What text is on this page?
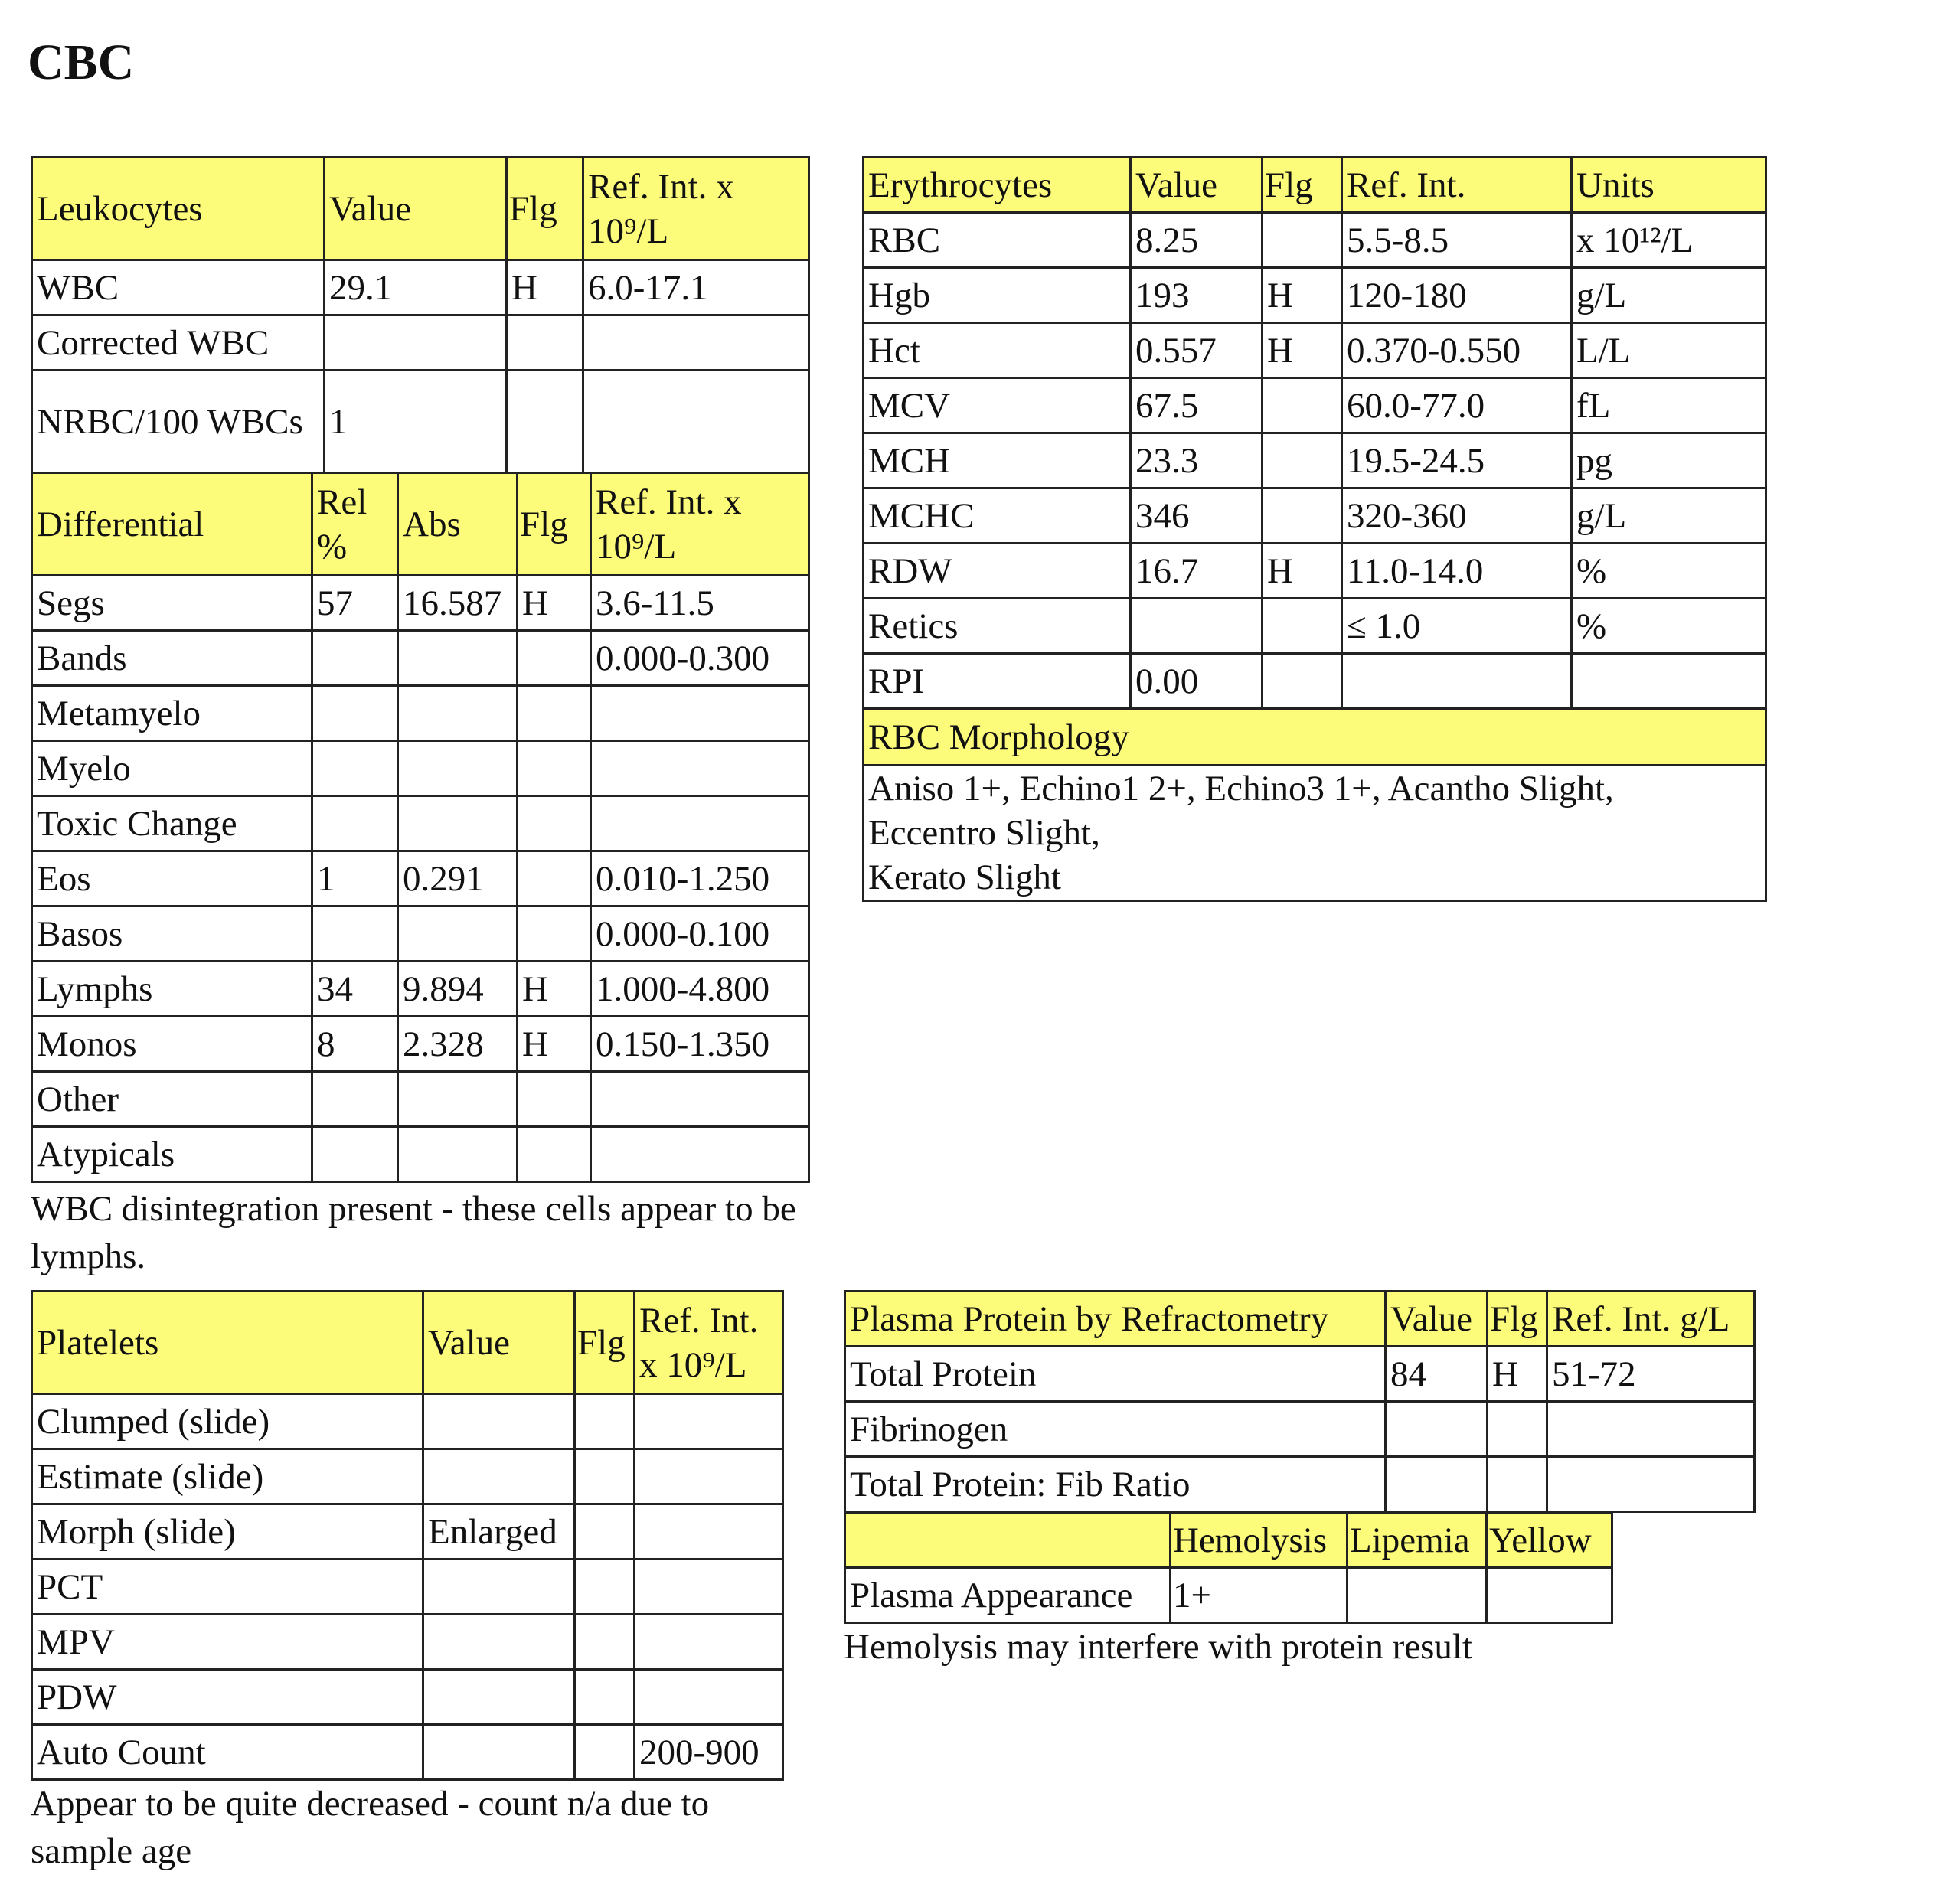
CBC
Leukocytes	Value	Flg	Ref. Int. x 10⁹/L
WBC	29.1	H	6.0-17.1
Corrected WBC			
NRBC/100 WBCs	1		
Differential	Rel %	Abs	Flg	Ref. Int. x 10⁹/L
Segs	57	16.587	H	3.6-11.5
Bands				0.000-0.300
Metamyelo				
Myelo				
Toxic Change				
Eos	1	0.291		0.010-1.250
Basos				0.000-0.100
Lymphs	34	9.894	H	1.000-4.800
Monos	8	2.328	H	0.150-1.350
Other				
Atypicals				

WBC disintegration present - these cells appear to be lymphs.

Erythrocytes	Value	Flg	Ref. Int.	Units
RBC	8.25		5.5-8.5	x 10¹²/L
Hgb	193	H	120-180	g/L
Hct	0.557	H	0.370-0.550	L/L
MCV	67.5		60.0-77.0	fL
MCH	23.3		19.5-24.5	pg
MCHC	346		320-360	g/L
RDW	16.7	H	11.0-14.0	%
Retics			≤ 1.0	%
RPI	0.00			
RBC Morphology				

Aniso 1+, Echino1 2+, Echino3 1+, Acantho Slight,
Eccentro Slight,
Kerato Slight				
Platelets	Value	Flg	Ref. Int. x 10⁹/L
Clumped (slide)			
Estimate (slide)			
Morph (slide)	Enlarged		
PCT			
MPV			
PDW			
Auto Count			200-900

Appear to be quite decreased - count n/a due to sample age

Plasma Protein by Refractometry	Value	Flg	Ref. Int. g/L
Total Protein	84	H	51-72
Fibrinogen			
Total Protein: Fib Ratio			
	Hemolysis	Lipemia	Yellow
Plasma Appearance	1+		

Hemolysis may interfere with protein result
